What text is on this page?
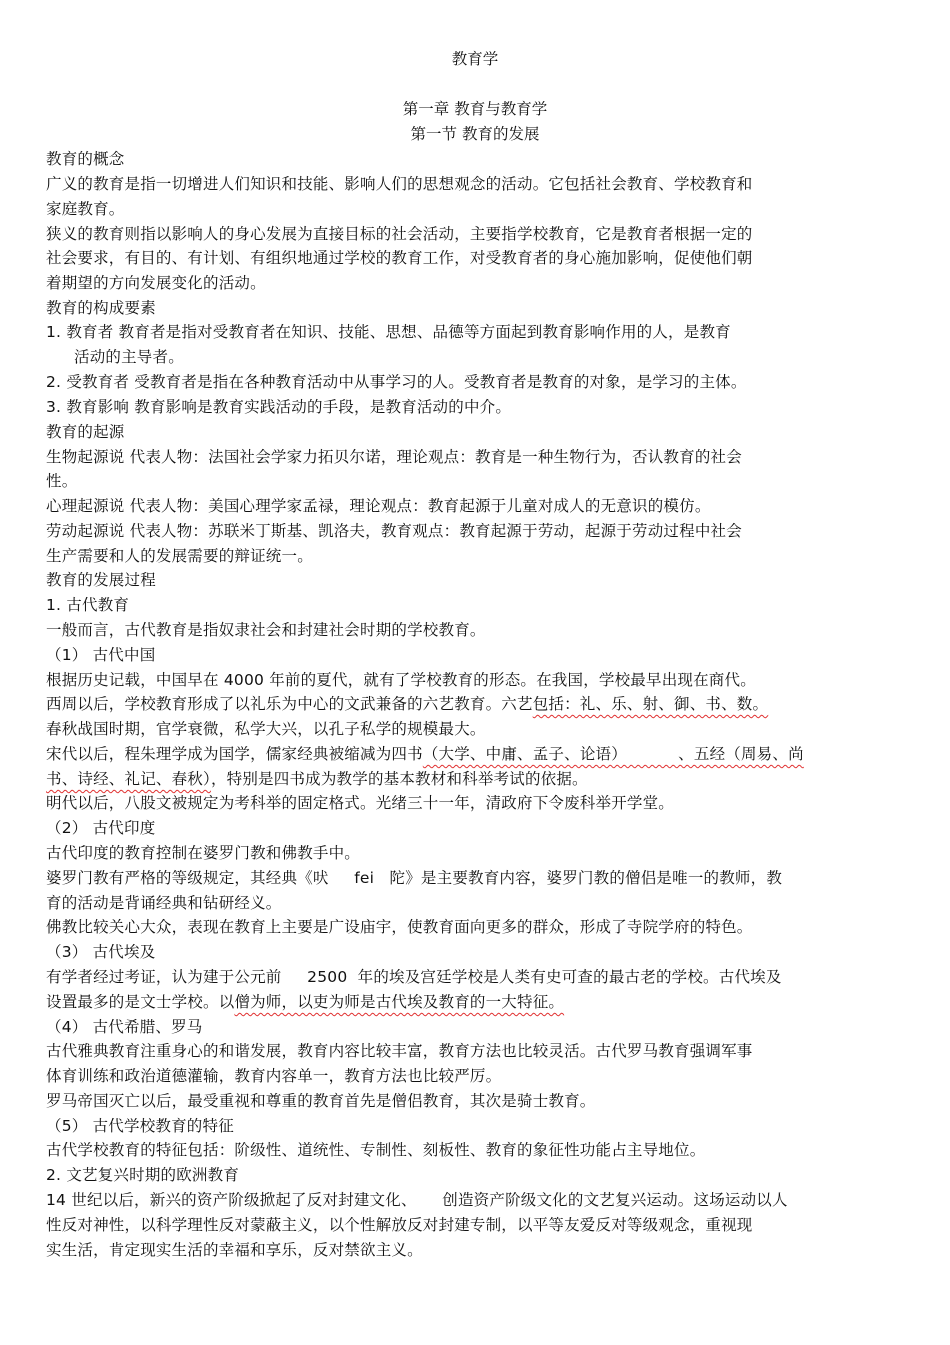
教育学
第一章 教育与教育学
第一节 教育的发展
教育的概念
广义的教育是指一切增进人们知识和技能、影响人们的思想观念的活动。它包括社会教育、学校教育和
家庭教育。
狭义的教育则指以影响人的身心发展为直接目标的社会活动，主要指学校教育，它是教育者根据一定的
社会要求，有目的、有计划、有组织地通过学校的教育工作，对受教育者的身心施加影响，促使他们朝
着期望的方向发展变化的活动。
教育的构成要素
1. 教育者 教育者是指对受教育者在知识、技能、思想、品德等方面起到教育影响作用的人，是教育
活动的主导者。
2. 受教育者 受教育者是指在各种教育活动中从事学习的人。受教育者是教育的对象，是学习的主体。
3. 教育影响 教育影响是教育实践活动的手段，是教育活动的中介。
教育的起源
生物起源说 代表人物：法国社会学家力拓贝尔诺，理论观点：教育是一种生物行为，否认教育的社会
性。
心理起源说 代表人物：美国心理学家孟禄，理论观点：教育起源于儿童对成人的无意识的模仿。
劳动起源说 代表人物：苏联米丁斯基、凯洛夫，教育观点：教育起源于劳动，起源于劳动过程中社会
生产需要和人的发展需要的辩证统一。
教育的发展过程
1. 古代教育
一般而言，古代教育是指奴隶社会和封建社会时期的学校教育。
（1） 古代中国
根据历史记载，中国早在 4000 年前的夏代，就有了学校教育的形态。在我国，学校最早出现在商代。
西周以后，学校教育形成了以礼乐为中心的文武兼备的六艺教育。六艺包括：礼、乐、射、御、书、数。
春秋战国时期，官学衰微，私学大兴，以孔子私学的规模最大。
宋代以后，程朱理学成为国学，儒家经典被缩减为四书（大学、中庸、孟子、论语）          、五经（周易、尚
书、诗经、礼记、春秋），特别是四书成为教学的基本教材和科举考试的依据。
明代以后，八股文被规定为考科举的固定格式。光绪三十一年，清政府下令废科举开学堂。
（2） 古代印度
古代印度的教育控制在婆罗门教和佛教手中。
婆罗门教有严格的等级规定，其经典《吠     fei   陀》是主要教育内容，婆罗门教的僧侣是唯一的教师，教
育的活动是背诵经典和钻研经义。
佛教比较关心大众，表现在教育上主要是广设庙宇，使教育面向更多的群众，形成了寺院学府的特色。
（3） 古代埃及
有学者经过考证，认为建于公元前     2500  年的埃及宫廷学校是人类有史可查的最古老的学校。古代埃及
设置最多的是文士学校。以僧为师，以吏为师是古代埃及教育的一大特征。
（4） 古代希腊、罗马
古代雅典教育注重身心的和谐发展，教育内容比较丰富，教育方法也比较灵活。古代罗马教育强调军事
体育训练和政治道德灌输，教育内容单一，教育方法也比较严厉。
罗马帝国灭亡以后，最受重视和尊重的教育首先是僧侣教育，其次是骑士教育。
（5） 古代学校教育的特征
古代学校教育的特征包括：阶级性、道统性、专制性、刻板性、教育的象征性功能占主导地位。
2. 文艺复兴时期的欧洲教育
14 世纪以后，新兴的资产阶级掀起了反对封建文化、     创造资产阶级文化的文艺复兴运动。这场运动以人
性反对神性，以科学理性反对蒙蔽主义，以个性解放反对封建专制，以平等友爱反对等级观念，重视现
实生活，肯定现实生活的幸福和享乐，反对禁欲主义。
